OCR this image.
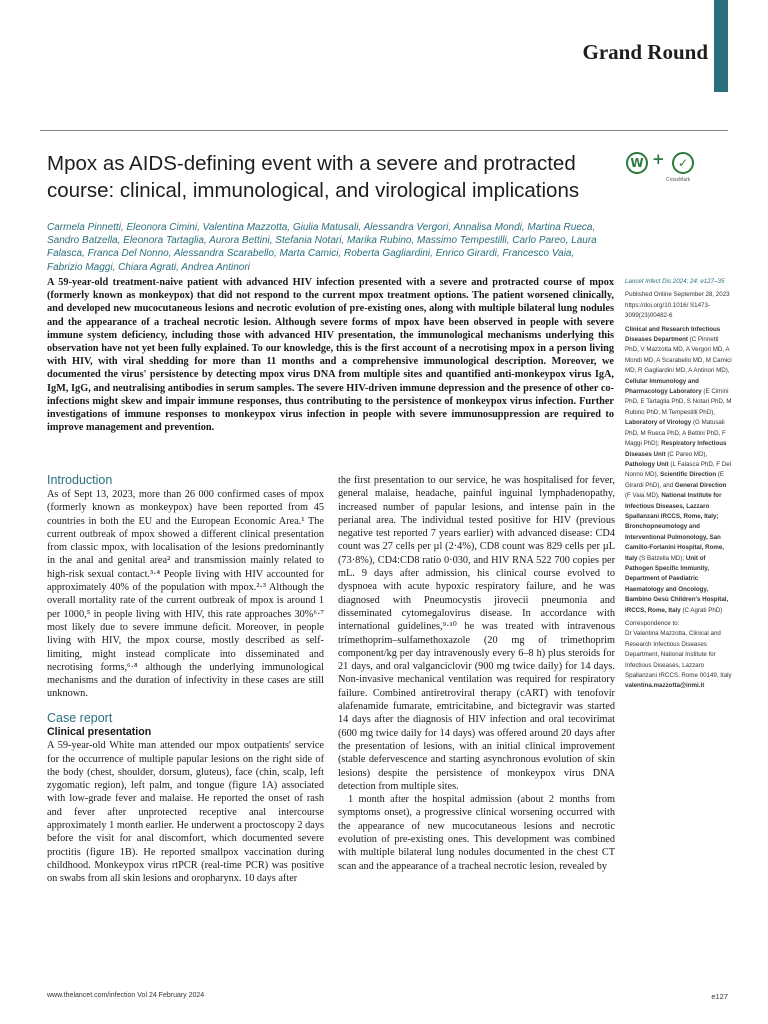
Grand Round
Mpox as AIDS-defining event with a severe and protracted course: clinical, immunological, and virological implications
W +	✓
CrossMark
Carmela Pinnetti, Eleonora Cimini, Valentina Mazzotta, Giulia Matusali, Alessandra Vergori, Annalisa Mondi, Martina Rueca, Sandro Batzella, Eleonora Tartaglia, Aurora Bettini, Stefania Notari, Marika Rubino, Massimo Tempestilli, Carlo Pareo, Laura Falasca, Franca Del Nonno, Alessandra Scarabello, Marta Camici, Roberta Gagliardini, Enrico Girardi, Francesco Vaia, Fabrizio Maggi, Chiara Agrati, Andrea Antinori

A 59-year-old treatment-naive patient with advanced HIV infection presented with a severe and protracted course of mpox (formerly known as monkeypox) that did not respond to the current mpox treatment options. The patient worsened clinically, and developed new mucocutaneous lesions and necrotic evolution of pre-existing ones, along with multiple bilateral lung nodules and the appearance of a tracheal necrotic lesion. Although severe forms of mpox have been observed in people with severe immune system deficiency, including those with advanced HIV presentation, the immunological mechanisms underlying this observation have not yet been fully explained. To our knowledge, this is the first account of a necrotising mpox in a person living with HIV, with viral shedding for more than 11 months and a comprehensive immunological description. Moreover, we documented the virus' persistence by detecting mpox virus DNA from multiple sites and quantified anti-monkeypox virus IgA, IgM, IgG, and neutralising antibodies in serum samples. The severe HIV-driven immune depression and the presence of other co-infections might skew and impair immune responses, thus contributing to the persistence of monkeypox virus infection. Further investigations of immune responses to monkeypox virus infection in people with severe immunosuppression are required to improve management and prevention.

Introduction

As of Sept 13, 2023, more than 26 000 confirmed cases of mpox (formerly known as monkeypox) have been reported from 45 countries in both the EU and the European Economic Area.¹ The current outbreak of mpox showed a different clinical presentation from classic mpox, with localisation of the lesions predominantly in the anal and genital area² and transmission mainly related to high-risk sexual contact.³·⁴ People living with HIV accounted for approximately 40% of the population with mpox.²·³ Although the overall mortality rate of the current outbreak of mpox is around 1 per 1000,⁵ in people living with HIV, this rate approaches 30%⁶·⁷ most likely due to severe immune deficit. Moreover, in people living with HIV, the mpox course, mostly described as self-limiting, might instead complicate into disseminated and necrotising forms,⁶·⁸ although the underlying immunological mechanisms and the duration of infectivity in these cases are still unknown.

Case report
Clinical presentation

A 59-year-old White man attended our mpox outpatients' service for the occurrence of multiple papular lesions on the right side of the body (chest, shoulder, dorsum, gluteus), face (chin, scalp, left zygomatic region), left palm, and tongue (figure 1A) associated with low-grade fever and malaise. He reported the onset of rash and fever after unprotected receptive anal intercourse approximately 1 month earlier. He underwent a proctoscopy 2 days before the visit for anal discomfort, which documented severe proctitis (figure 1B). He reported smallpox vaccination during childhood. Monkeypox virus rtPCR (real-time PCR) was positive on swabs from all skin lesions and oropharynx. 10 days after

the first presentation to our service, he was hospitalised for fever, general malaise, headache, painful inguinal lymphadenopathy, increased number of papular lesions, and intense pain in the perianal area. The individual tested positive for HIV (previous negative test reported 7 years earlier) with advanced disease: CD4 count was 27 cells per µl (2·4%), CD8 count was 829 cells per µL (73·8%), CD4:CD8 ratio 0·030, and HIV RNA 522 700 copies per mL. 9 days after admission, his clinical course evolved to dyspnoea with acute hypoxic respiratory failure, and he was diagnosed with Pneumocystis jirovecii pneumonia and disseminated cytomegalovirus disease. In accordance with international guidelines,⁹·¹⁰ he was treated with intravenous trimethoprim–sulfamethoxazole (20 mg of trimethoprim component/kg per day intravenously every 6–8 h) plus steroids for 21 days, and oral valganciclovir (900 mg twice daily) for 14 days. Non-invasive mechanical ventilation was required for respiratory failure. Combined antiretroviral therapy (cART) with tenofovir alafenamide fumarate, emtricitabine, and bictegravir was started 14 days after the diagnosis of HIV infection and oral tecovirimat (600 mg twice daily for 14 days) was offered around 20 days after the presentation of lesions, with an initial clinical improvement (stable defervescence and starting asynchronous evolution of skin lesions) despite the persistence of monkeypox virus DNA detection from multiple sites.

1 month after the hospital admission (about 2 months from symptoms onset), a progressive clinical worsening occurred with the appearance of new mucocutaneous lesions and necrotic evolution of pre-existing ones. This development was combined with multiple bilateral lung nodules documented in the chest CT scan and the appearance of a tracheal necrotic lesion, revealed by

Lancet Infect Dis 2024; 24: e127–35
Published Online September 28, 2023 https://doi.org/10.1016/ S1473-3099(23)00482-6
Clinical and Research Infectious Diseases Department (C Pinnetti PhD, V Mazzotta MD, A Vergori MD, A Mondi MD, A Scarabello MD, M Camici MD, R Gagliardini MD, A Antinori MD), Cellular Immunology and Pharmacology Laboratory (E Cimini PhD, E Tartaglia PhD, S Notari PhD, M Rubino PhD, M Tempestilli PhD), Laboratory of Virology (G Matusali PhD, M Rueca PhD, A Bettini PhD, F Maggi PhD); Respiratory Infectious Diseases Unit (C Pareo MD), Pathology Unit (L Falasca PhD, F Del Nonno MD), Scientific Direction (E Girardi PhD), and General Direction (F Vaia MD), National Institute for Infectious Diseases, Lazzaro Spallanzani IRCCS, Rome, Italy; Bronchopneumology and Interventional Pulmonology, San Camillo-Forlanini Hospital, Rome, Italy (S Batzella MD); Unit of Pathogen Specific Immunity, Department of Paediatric Haematology and Oncology, Bambino Gesù Children's Hospital, IRCCS, Rome, Italy (C Agrati PhD)
Correspondence to:
Dr Valentina Mazzotta, Clinical and Research Infectious Diseases Department, National Institute for Infectious Diseases, Lazzaro Spallanzani IRCCS, Rome 00149, Italy
valentina.mazzotta@inmi.it
www.thelancet.com/infection Vol 24 February 2024	e127
